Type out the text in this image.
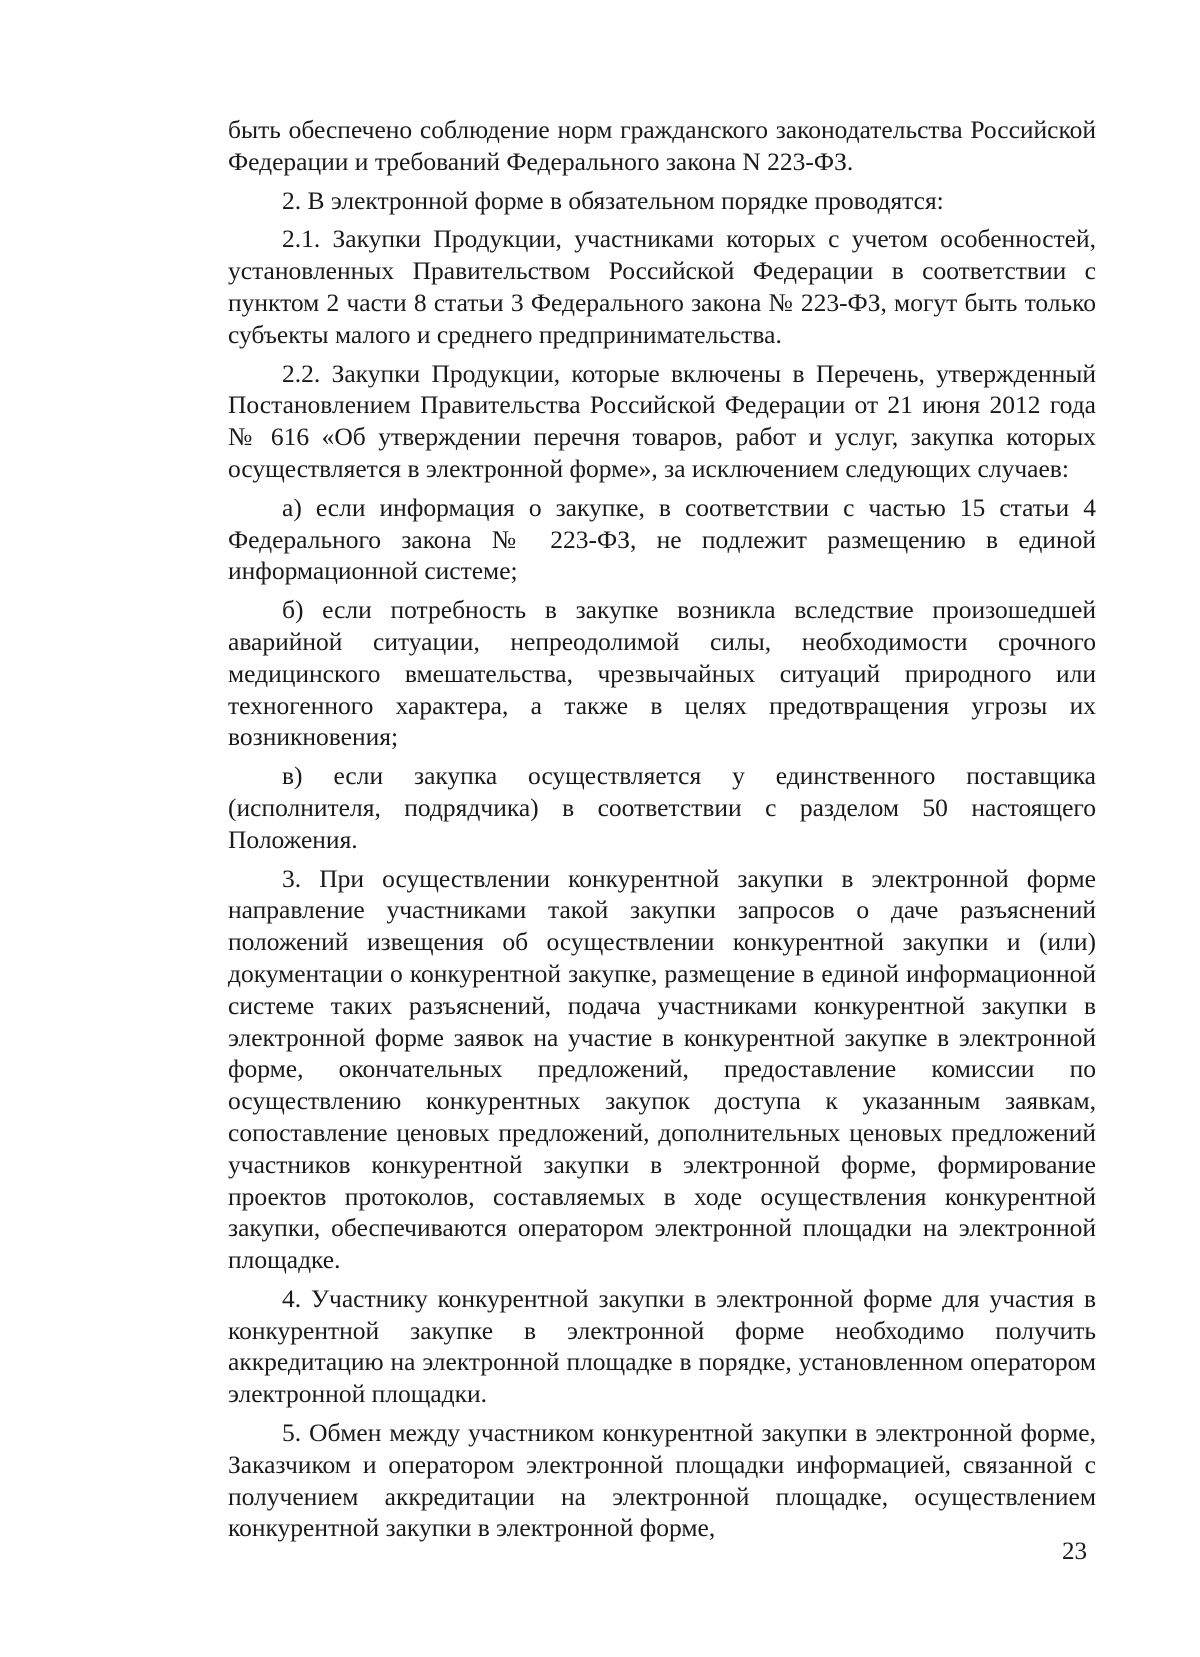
быть обеспечено соблюдение норм гражданского законодательства Российской Федерации и требований Федерального закона N 223-ФЗ.

2. В электронной форме в обязательном порядке проводятся:

2.1. Закупки Продукции, участниками которых с учетом особенностей, установленных Правительством Российской Федерации в соответствии с пунктом 2 части 8 статьи 3 Федерального закона № 223-ФЗ, могут быть только субъекты малого и среднего предпринимательства.

2.2. Закупки Продукции, которые включены в Перечень, утвержденный Постановлением Правительства Российской Федерации от 21 июня 2012 года № 616 «Об утверждении перечня товаров, работ и услуг, закупка которых осуществляется в электронной форме», за исключением следующих случаев:

а) если информация о закупке, в соответствии с частью 15 статьи 4 Федерального закона № 223-ФЗ, не подлежит размещению в единой информационной системе;

б) если потребность в закупке возникла вследствие произошедшей аварийной ситуации, непреодолимой силы, необходимости срочного медицинского вмешательства, чрезвычайных ситуаций природного или техногенного характера, а также в целях предотвращения угрозы их возникновения;

в) если закупка осуществляется у единственного поставщика (исполнителя, подрядчика) в соответствии с разделом 50 настоящего Положения.

3. При осуществлении конкурентной закупки в электронной форме направление участниками такой закупки запросов о даче разъяснений положений извещения об осуществлении конкурентной закупки и (или) документации о конкурентной закупке, размещение в единой информационной системе таких разъяснений, подача участниками конкурентной закупки в электронной форме заявок на участие в конкурентной закупке в электронной форме, окончательных предложений, предоставление комиссии по осуществлению конкурентных закупок доступа к указанным заявкам, сопоставление ценовых предложений, дополнительных ценовых предложений участников конкурентной закупки в электронной форме, формирование проектов протоколов, составляемых в ходе осуществления конкурентной закупки, обеспечиваются оператором электронной площадки на электронной площадке.

4. Участнику конкурентной закупки в электронной форме для участия в конкурентной закупке в электронной форме необходимо получить аккредитацию на электронной площадке в порядке, установленном оператором электронной площадки.

5. Обмен между участником конкурентной закупки в электронной форме, Заказчиком и оператором электронной площадки информацией, связанной с получением аккредитации на электронной площадке, осуществлением конкурентной закупки в электронной форме,

23
